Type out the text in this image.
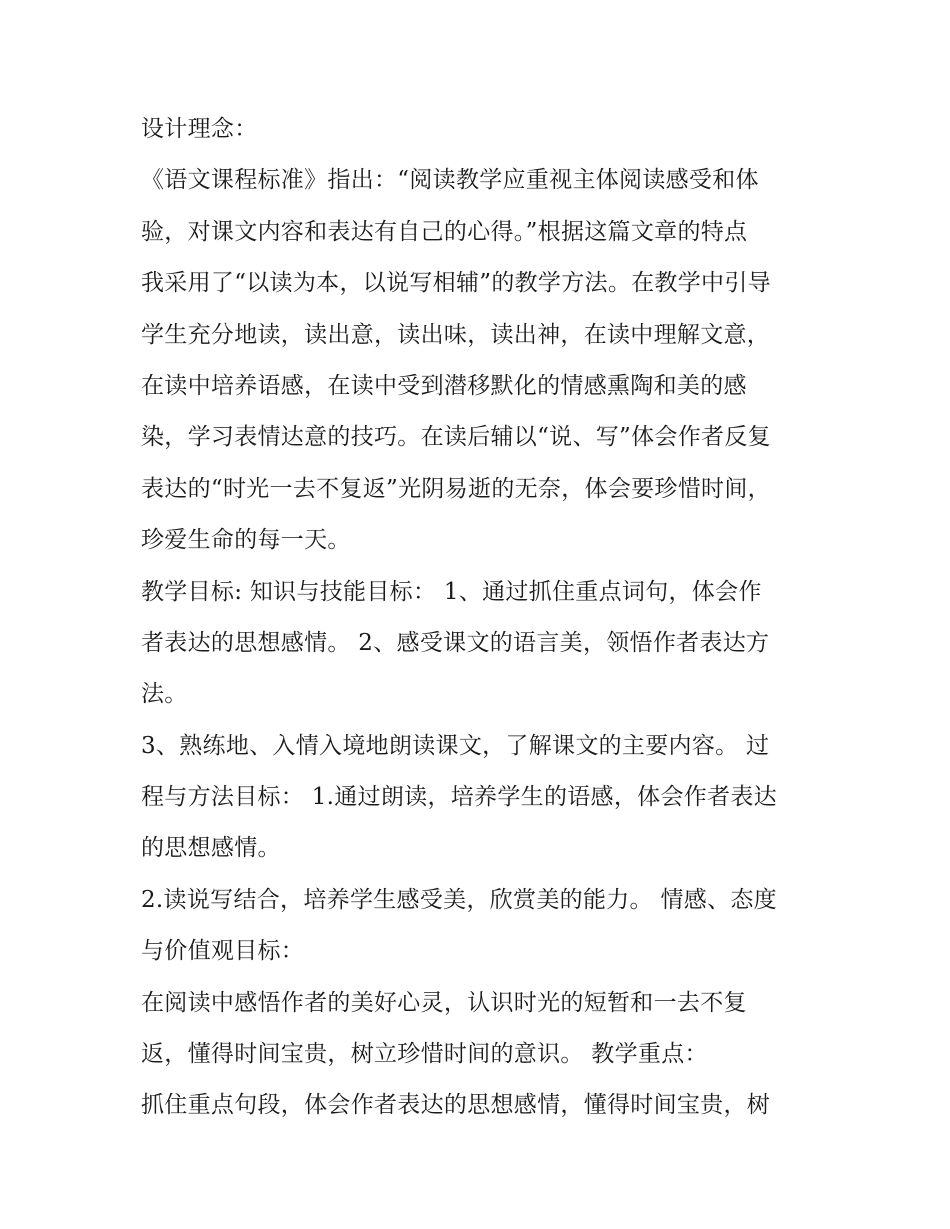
设计理念：
《语文课程标准》指出：“阅读教学应重视主体阅读感受和体
验，对课文内容和表达有自己的心得。”根据这篇文章的特点
我采用了“以读为本，以说写相辅”的教学方法。在教学中引导
学生充分地读，读出意，读出味，读出神，在读中理解文意，
在读中培养语感，在读中受到潜移默化的情感熏陶和美的感
染，学习表情达意的技巧。在读后辅以“说、写”体会作者反复
表达的“时光一去不复返”光阴易逝的无奈，体会要珍惜时间，
珍爱生命的每一天。
教学目标: 知识与技能目标： 1、通过抓住重点词句，体会作
者表达的思想感情。 2、感受课文的语言美，领悟作者表达方
法。
3、熟练地、入情入境地朗读课文，了解课文的主要内容。 过
程与方法目标： 1.通过朗读，培养学生的语感，体会作者表达
的思想感情。
2.读说写结合，培养学生感受美，欣赏美的能力。 情感、态度
与价值观目标：
在阅读中感悟作者的美好心灵，认识时光的短暂和一去不复
返，懂得时间宝贵，树立珍惜时间的意识。 教学重点：
抓住重点句段，体会作者表达的思想感情，懂得时间宝贵，树
